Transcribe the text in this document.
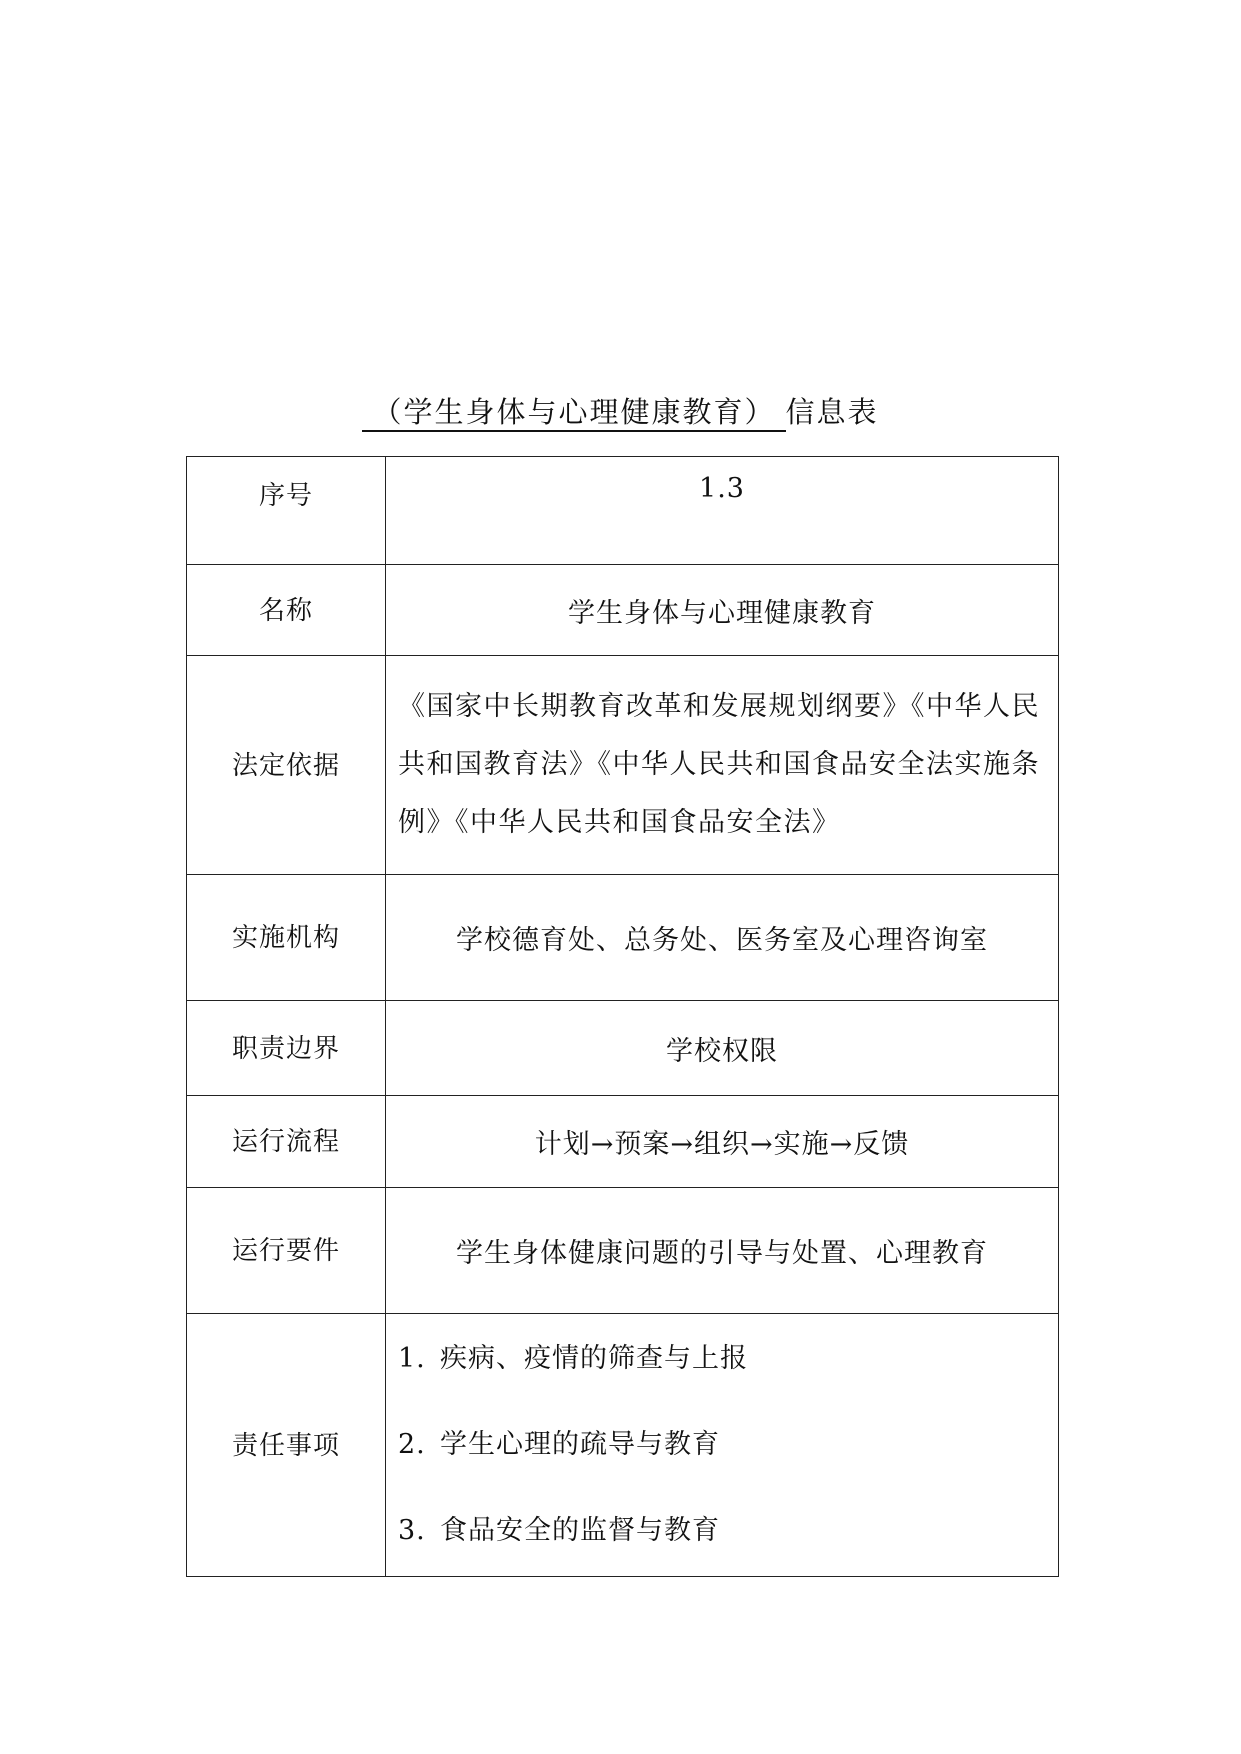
（学生身体与心理健康教育） 信息表
序号	1.3
名称	学生身体与心理健康教育
法定依据	《国家中长期教育改革和发展规划纲要》《中华人民共和国教育法》《中华人民共和国食品安全法实施条例》《中华人民共和国食品安全法》
实施机构	学校德育处、总务处、医务室及心理咨询室
职责边界	学校权限
运行流程	计划→预案→组织→实施→反馈
运行要件	学生身体健康问题的引导与处置、心理教育
责任事项	1. 疾病、疫情的筛查与上报
2. 学生心理的疏导与教育
3. 食品安全的监督与教育
